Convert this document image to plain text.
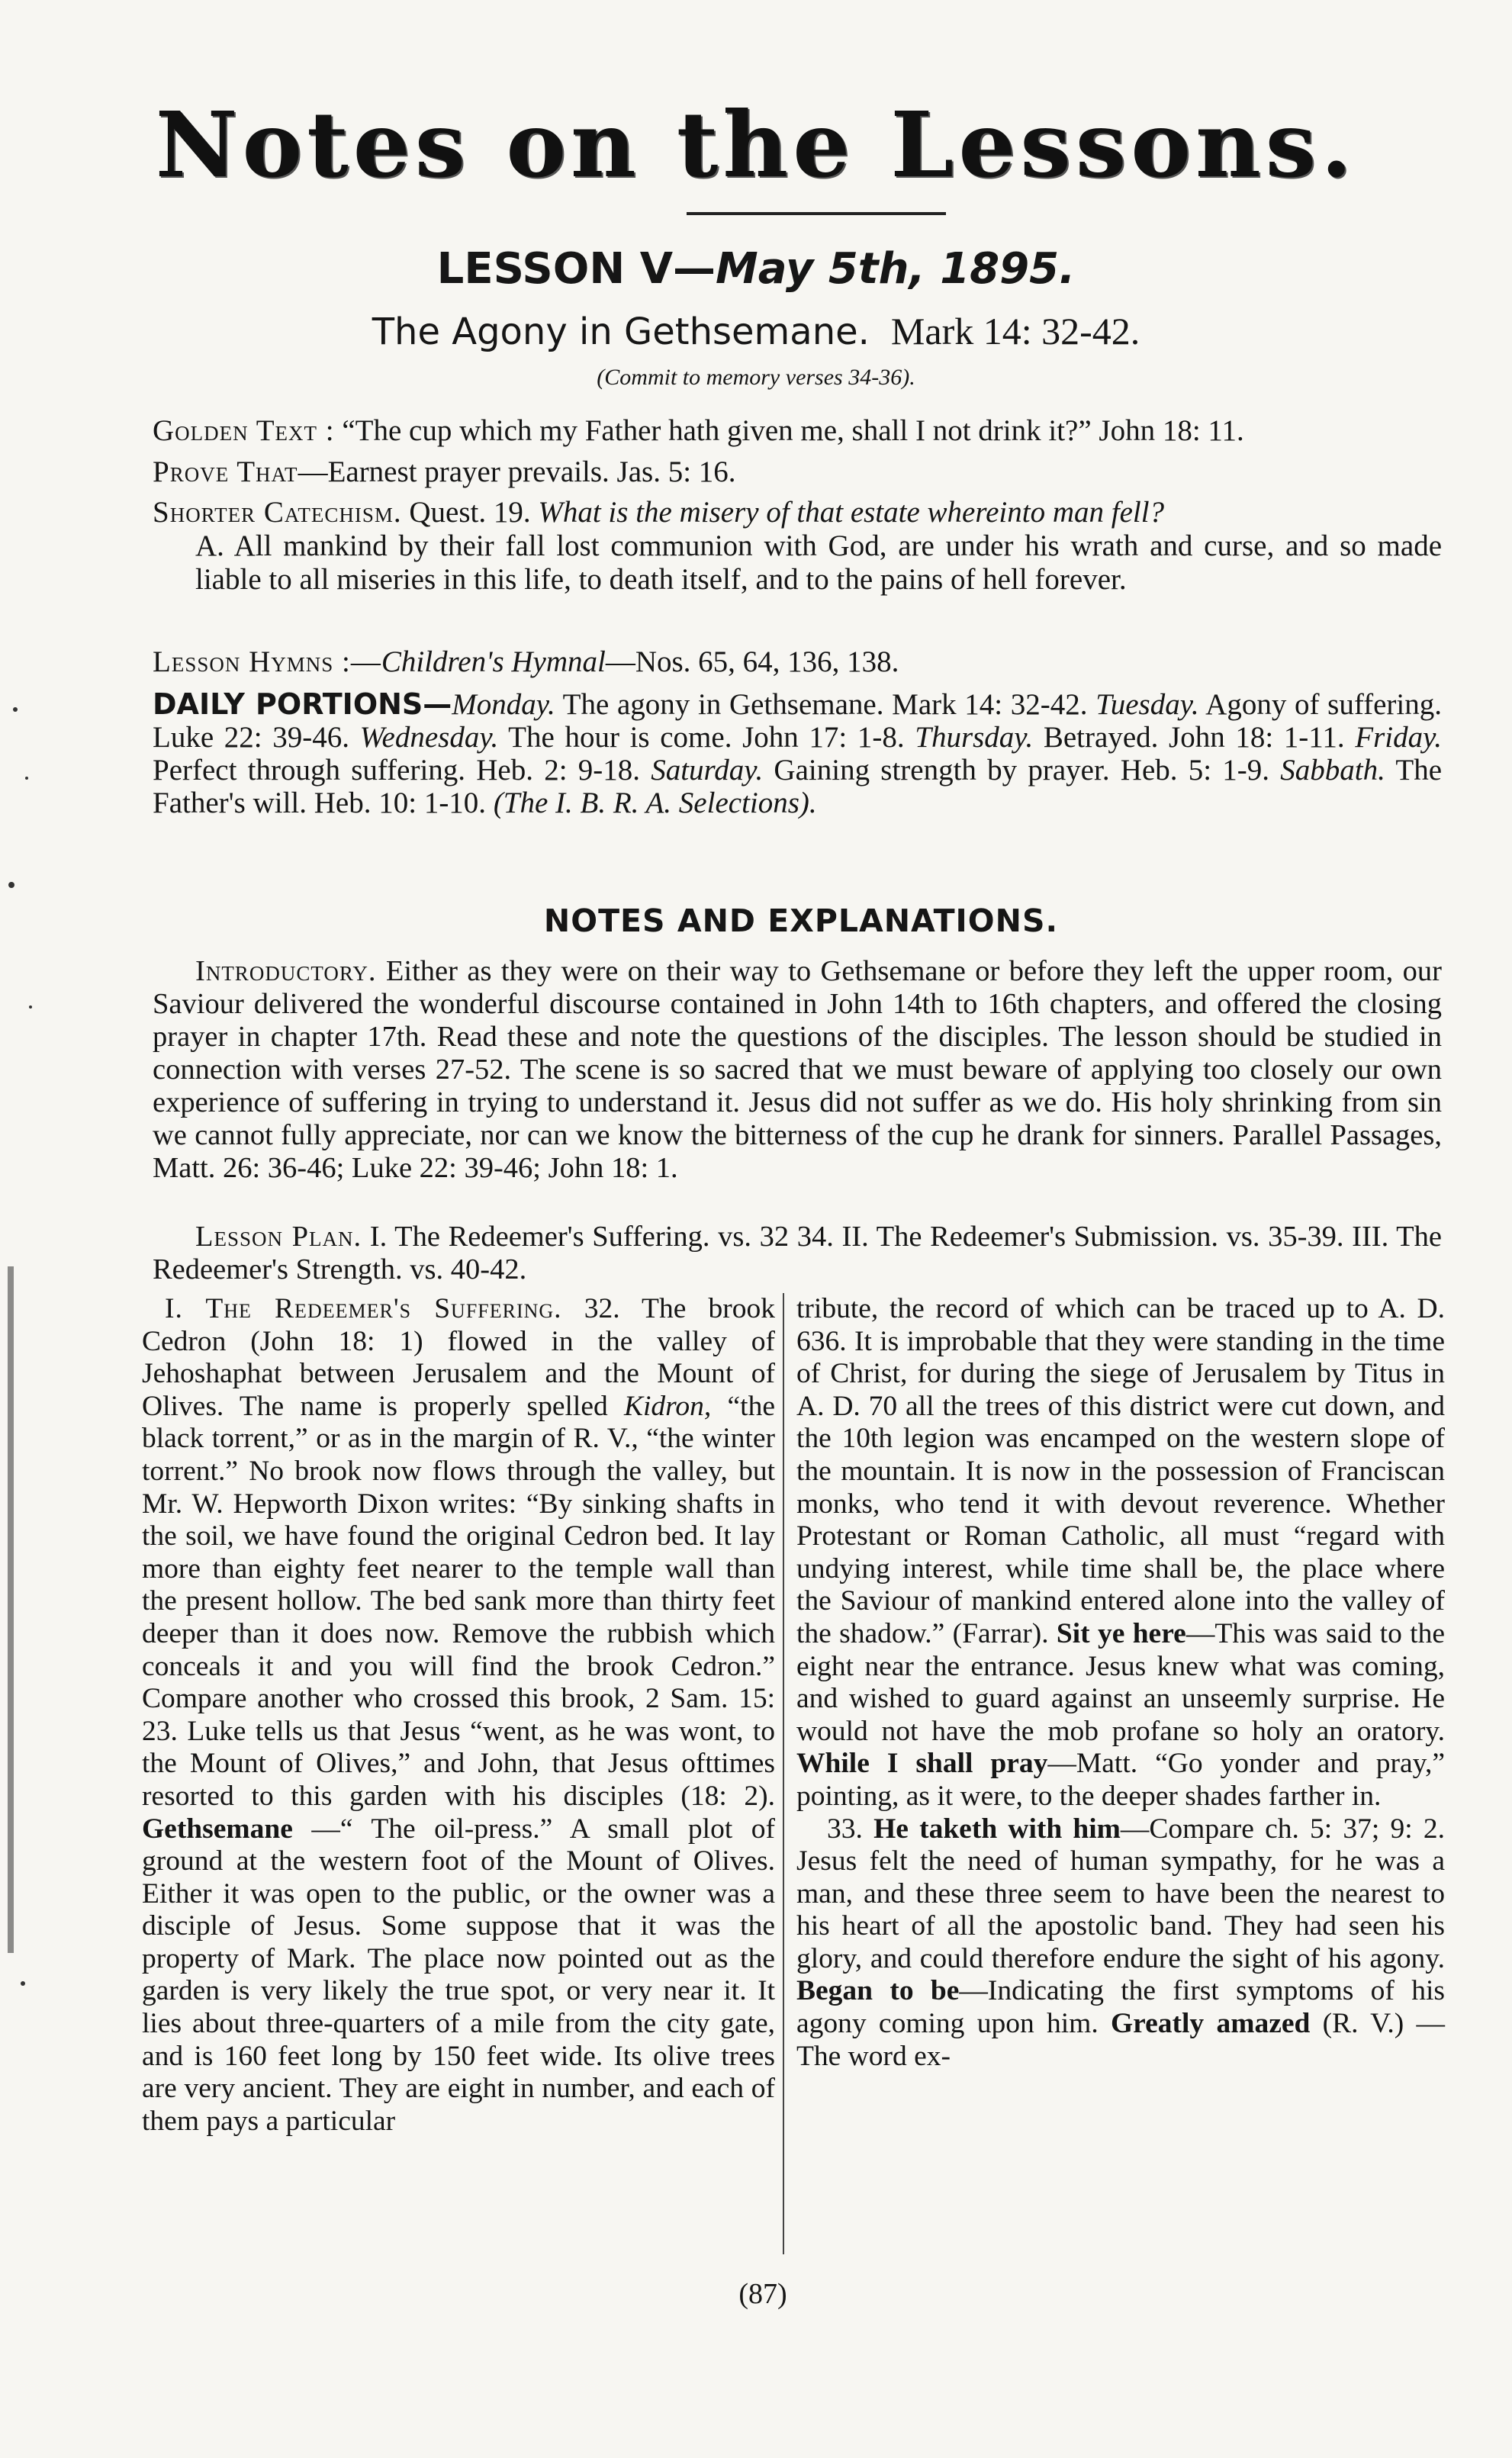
Notes on the Lessons.
LESSON V—May 5th, 1895.
The Agony in Gethsemane. Mark 14: 32-42.
(Commit to memory verses 34-36).
Golden Text : “The cup which my Father hath given me, shall I not drink it?” John 18: 11.
Prove That—Earnest prayer prevails. Jas. 5: 16.
Shorter Catechism. Quest. 19. What is the misery of that estate whereinto man fell?
A. All mankind by their fall lost communion with God, are under his wrath and curse, and so made liable to all miseries in this life, to death itself, and to the pains of hell forever.
Lesson Hymns :—Children's Hymnal—Nos. 65, 64, 136, 138.
DAILY PORTIONS—Monday. The agony in Gethsemane. Mark 14: 32-42. Tuesday. Agony of suffering. Luke 22: 39-46. Wednesday. The hour is come. John 17: 1-8. Thursday. Betrayed. John 18: 1-11. Friday. Perfect through suffering. Heb. 2: 9-18. Saturday. Gaining strength by prayer. Heb. 5: 1-9. Sabbath. The Father's will. Heb. 10: 1-10. (The I. B. R. A. Selections).
NOTES AND EXPLANATIONS.

Introductory. Either as they were on their way to Gethsemane or before they left the upper room, our Saviour delivered the wonderful discourse contained in John 14th to 16th chapters, and offered the closing prayer in chapter 17th. Read these and note the questions of the disciples. The lesson should be studied in connection with verses 27-52. The scene is so sacred that we must beware of applying too closely our own experience of suffering in trying to understand it. Jesus did not suffer as we do. His holy shrinking from sin we cannot fully appreciate, nor can we know the bitterness of the cup he drank for sinners. Parallel Passages, Matt. 26: 36-46; Luke 22: 39-46; John 18: 1.

Lesson Plan. I. The Redeemer's Suffering. vs. 32 34. II. The Redeemer's Submission. vs. 35-39. III. The Redeemer's Strength. vs. 40-42.

I. The Redeemer's Suffering. 32. The brook Cedron (John 18: 1) flowed in the valley of Jehoshaphat between Jerusalem and the Mount of Olives. The name is properly spelled Kidron, “the black torrent,” or as in the margin of R. V., “the winter torrent.” No brook now flows through the valley, but Mr. W. Hepworth Dixon writes: “By sinking shafts in the soil, we have found the original Cedron bed. It lay more than eighty feet nearer to the temple wall than the present hollow. The bed sank more than thirty feet deeper than it does now. Remove the rubbish which conceals it and you will find the brook Cedron.” Compare another who crossed this brook, 2 Sam. 15: 23. Luke tells us that Jesus “went, as he was wont, to the Mount of Olives,” and John, that Jesus ofttimes resorted to this garden with his disciples (18: 2). Gethsemane —“ The oil-press.” A small plot of ground at the western foot of the Mount of Olives. Either it was open to the public, or the owner was a disciple of Jesus. Some suppose that it was the property of Mark. The place now pointed out as the garden is very likely the true spot, or very near it. It lies about three-quarters of a mile from the city gate, and is 160 feet long by 150 feet wide. Its olive trees are very ancient. They are eight in number, and each of them pays a particular

tribute, the record of which can be traced up to A. D. 636. It is improbable that they were standing in the time of Christ, for during the siege of Jerusalem by Titus in A. D. 70 all the trees of this district were cut down, and the 10th legion was encamped on the western slope of the mountain. It is now in the possession of Franciscan monks, who tend it with devout reverence. Whether Protestant or Roman Catholic, all must “regard with undying interest, while time shall be, the place where the Saviour of mankind entered alone into the valley of the shadow.” (Farrar). Sit ye here—This was said to the eight near the entrance. Jesus knew what was coming, and wished to guard against an unseemly surprise. He would not have the mob profane so holy an oratory. While I shall pray—Matt. “Go yonder and pray,” pointing, as it were, to the deeper shades farther in.

33. He taketh with him—Compare ch. 5: 37; 9: 2. Jesus felt the need of human sympathy, for he was a man, and these three seem to have been the nearest to his heart of all the apostolic band. They had seen his glory, and could therefore endure the sight of his agony. Began to be—Indicating the first symptoms of his agony coming upon him. Greatly amazed (R. V.) — The word ex-

(87)
